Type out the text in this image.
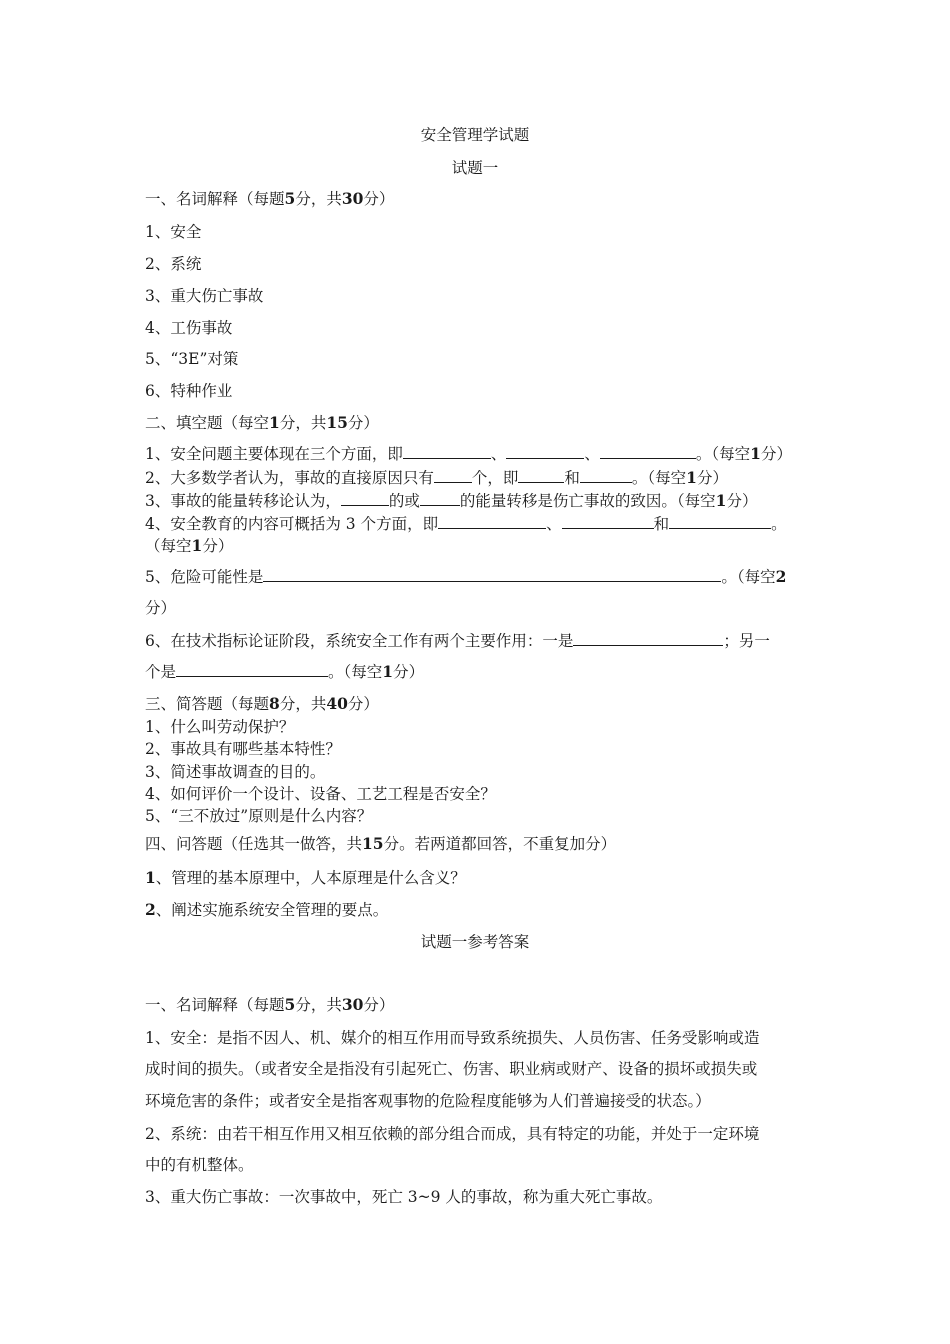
安全管理学试题
试题一
一、名词解释（每题5分，共30分）
1、安全
2、系统
3、重大伤亡事故
4、工伤事故
5、“3E”对策
6、特种作业
二、填空题（每空1分，共15分）
1、安全问题主要体现在三个方面，即	、	、	。（每空1分）
2、大多数学者认为，事故的直接原因只有 个，即	和	。（每空1分）
3、事故的能量转移论认为，	的或	的能量转移是伤亡事故的致因。（每空1分）
4、安全教育的内容可概括为 3 个方面，即	、	和	。
（每空1分）
5、危险可能性是	。（每空2
分）
6、在技术指标论证阶段，系统安全工作有两个主要作用：一是	；另一
个是	。（每空1分）
三、简答题（每题8分，共40分）
1、什么叫劳动保护？
2、事故具有哪些基本特性？
3、简述事故调查的目的。
4、如何评价一个设计、设备、工艺工程是否安全？
5、“三不放过”原则是什么内容？
四、问答题（任选其一做答，共15分。若两道都回答，不重复加分）
1、管理的基本原理中，人本原理是什么含义？
2、阐述实施系统安全管理的要点。
试题一参考答案
一、名词解释（每题5分，共30分）
1、安全：是指不因人、机、媒介的相互作用而导致系统损失、人员伤害、任务受影响或造
成时间的损失。（或者安全是指没有引起死亡、伤害、职业病或财产、设备的损坏或损失或
环境危害的条件；或者安全是指客观事物的危险程度能够为人们普遍接受的状态。）
2、系统：由若干相互作用又相互依赖的部分组合而成，具有特定的功能，并处于一定环境
中的有机整体。
3、重大伤亡事故：一次事故中，死亡 3~9 人的事故，称为重大死亡事故。
